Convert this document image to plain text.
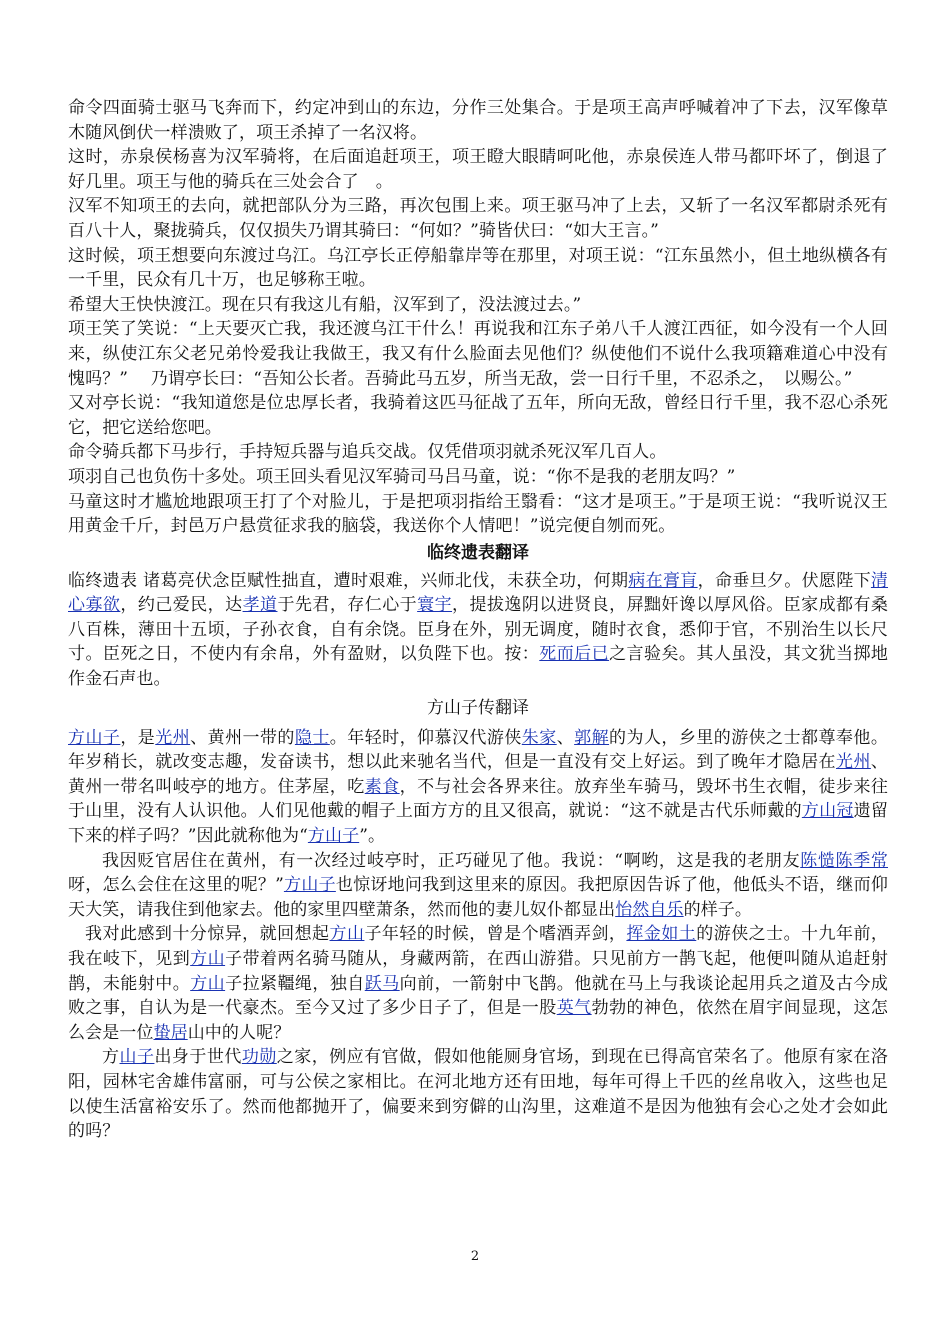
命令四面骑士驱马飞奔而下，约定冲到山的东边，分作三处集合。于是项王高声呼喊着冲了下去，汉军像草木随风倒伏一样溃败了，项王杀掉了一名汉将。

这时，赤泉侯杨喜为汉军骑将，在后面追赶项王，项王瞪大眼睛呵叱他，赤泉侯连人带马都吓坏了，倒退了好几里。项王与他的骑兵在三处会合了　。

汉军不知项王的去向，就把部队分为三路，再次包围上来。项王驱马冲了上去，又斩了一名汉军都尉杀死有百八十人，聚拢骑兵，仅仅损失乃谓其骑曰：“何如？”骑皆伏曰：“如大王言。”

这时候，项王想要向东渡过乌江。乌江亭长正停船靠岸等在那里，对项王说：“江东虽然小，但土地纵横各有一千里，民众有几十万，也足够称王啦。

希望大王快快渡江。现在只有我这儿有船，汉军到了，没法渡过去。”

项王笑了笑说：“上天要灭亡我，我还渡乌江干什么！再说我和江东子弟八千人渡江西征，如今没有一个人回来，纵使江东父老兄弟怜爱我让我做王，我又有什么脸面去见他们？纵使他们不说什么我项籍难道心中没有愧吗？”　 乃谓亭长曰：“吾知公长者。吾骑此马五岁，所当无敌，尝一日行千里，不忍杀之，　以赐公。”

又对亭长说：“我知道您是位忠厚长者，我骑着这匹马征战了五年，所向无敌，曾经日行千里，我不忍心杀死它，把它送给您吧。

命令骑兵都下马步行，手持短兵器与追兵交战。仅凭借项羽就杀死汉军几百人。

项羽自己也负伤十多处。项王回头看见汉军骑司马吕马童，说：“你不是我的老朋友吗？”

马童这时才尴尬地跟项王打了个对脸儿，于是把项羽指给王翳看：“这才是项王。”于是项王说：“我听说汉王用黄金千斤，封邑万户悬赏征求我的脑袋，我送你个人情吧！”说完便自刎而死。

临终遗表翻译

临终遗表 诸葛亮伏念臣赋性拙直，遭时艰难，兴师北伐，未获全功，何期病在膏肓，命垂旦夕。伏愿陛下清心寡欲，约己爱民，达孝道于先君，存仁心于寰宇，提拔逸阴以进贤良，屏黜奸谗以厚风俗。臣家成都有桑八百株，薄田十五顷，子孙衣食，自有余饶。臣身在外，别无调度，随时衣食，悉仰于官，不别治生以长尺寸。臣死之日，不使内有余帛，外有盈财，以负陛下也。按：死而后已之言验矣。其人虽没，其文犹当掷地作金石声也。

方山子传翻译

方山子，是光州、黄州一带的隐士。年轻时，仰慕汉代游侠朱家、郭解的为人，乡里的游侠之士都尊奉他。年岁稍长，就改变志趣，发奋读书，想以此来驰名当代，但是一直没有交上好运。到了晚年才隐居在光州、黄州一带名叫岐亭的地方。住茅屋，吃素食，不与社会各界来往。放弃坐车骑马，毁坏书生衣帽，徒步来往于山里，没有人认识他。人们见他戴的帽子上面方方的且又很高，就说：“这不就是古代乐师戴的方山冠遗留下来的样子吗？”因此就称他为“方山子”。

我因贬官居住在黄州，有一次经过岐亭时，正巧碰见了他。我说：“啊哟，这是我的老朋友陈慥陈季常呀，怎么会住在这里的呢？”方山子也惊讶地问我到这里来的原因。我把原因告诉了他，他低头不语，继而仰天大笑，请我住到他家去。他的家里四壁萧条，然而他的妻儿奴仆都显出怡然自乐的样子。

我对此感到十分惊异，就回想起方山子年轻的时候，曾是个嗜酒弄剑，挥金如土的游侠之士。十九年前，我在岐下，见到方山子带着两名骑马随从，身藏两箭，在西山游猎。只见前方一鹊飞起，他便叫随从追赶射鹊，未能射中。方山子拉紧韁绳，独自跃马向前，一箭射中飞鹊。他就在马上与我谈论起用兵之道及古今成败之事，自认为是一代豪杰。至今又过了多少日子了，但是一股英气勃勃的神色，依然在眉宇间显现，这怎么会是一位蛰居山中的人呢？

方山子出身于世代功勋之家，例应有官做，假如他能厕身官场，到现在已得高官荣名了。他原有家在洛阳，园林宅舍雄伟富丽，可与公侯之家相比。在河北地方还有田地，每年可得上千匹的丝帛收入，这些也足以使生活富裕安乐了。然而他都抛开了，偏要来到穷僻的山沟里，这难道不是因为他独有会心之处才会如此的吗？

2
